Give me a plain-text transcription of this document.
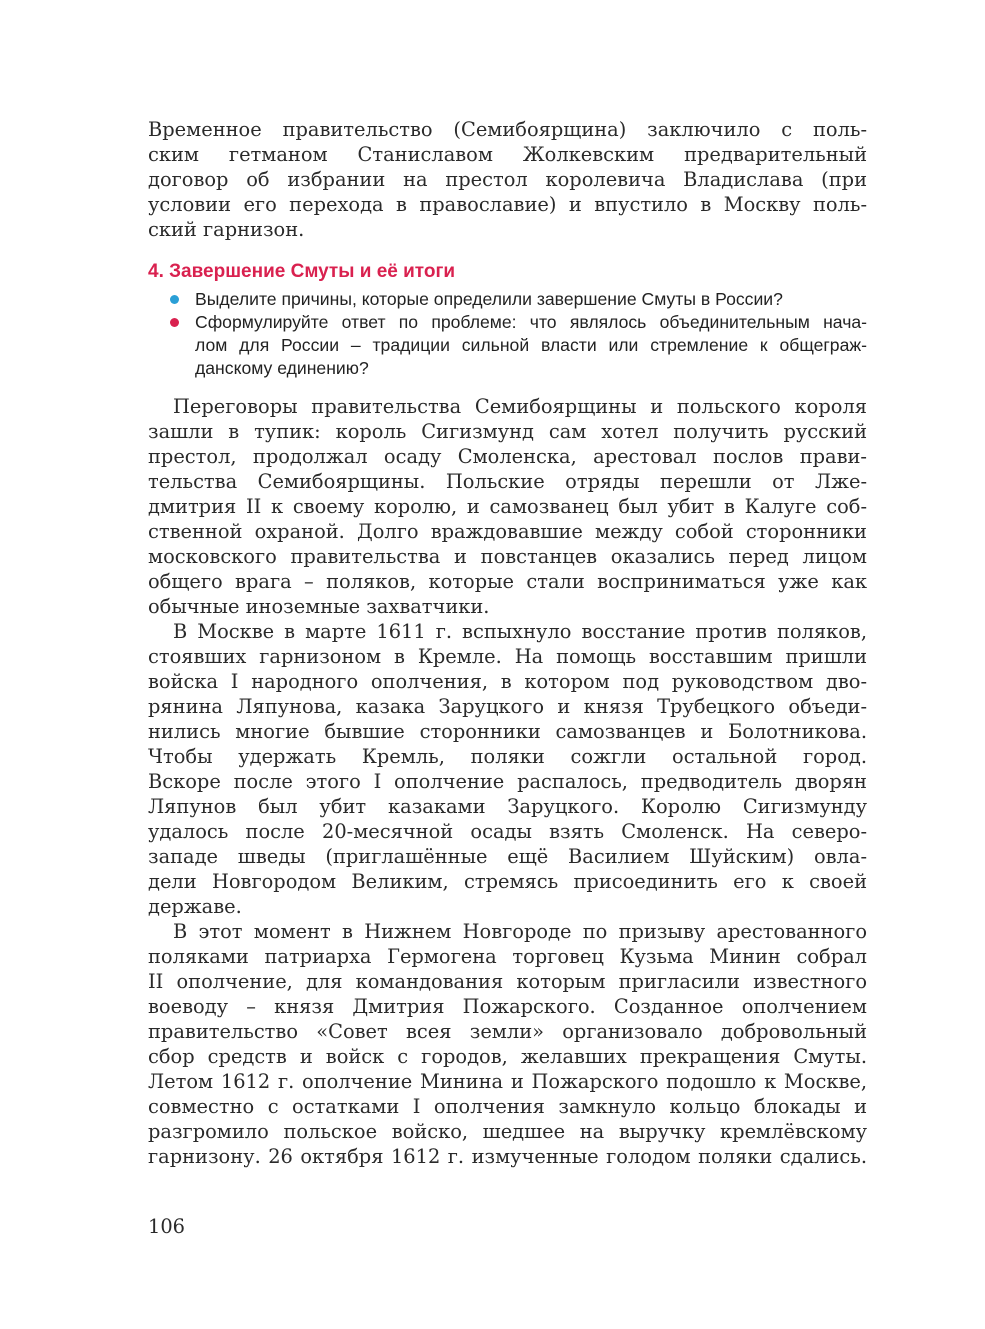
Временное правительство (Семибоярщина) заключило с поль-
ским гетманом Станиславом Жолкевским предварительный
договор об избрании на престол королевича Владислава (при
условии его перехода в православие) и впустило в Москву поль-
ский гарнизон.
4. Завершение Смуты и её итоги
Выделите причины, которые определили завершение Смуты в России?
Сформулируйте ответ по проблеме: что являлось объединительным нача-
лом для России – традиции сильной власти или стремление к общеграж-
данскому единению?
Переговоры правительства Семибоярщины и польского короля
зашли в тупик: король Сигизмунд сам хотел получить русский
престол, продолжал осаду Смоленска, арестовал послов прави-
тельства Семибоярщины. Польские отряды перешли от Лже-
дмитрия II к своему королю, и самозванец был убит в Калуге соб-
ственной охраной. Долго враждовавшие между собой сторонники
московского правительства и повстанцев оказались перед лицом
общего врага – поляков, которые стали восприниматься уже как
обычные иноземные захватчики.
В Москве в марте 1611 г. вспыхнуло восстание против поляков,
стоявших гарнизоном в Кремле. На помощь восставшим пришли
войска I народного ополчения, в котором под руководством дво-
рянина Ляпунова, казака Заруцкого и князя Трубецкого объеди-
нились многие бывшие сторонники самозванцев и Болотникова.
Чтобы удержать Кремль, поляки сожгли остальной город.
Вскоре после этого I ополчение распалось, предводитель дворян
Ляпунов был убит казаками Заруцкого. Королю Сигизмунду
удалось после 20-месячной осады взять Смоленск. На северо-
западе шведы (приглашённые ещё Василием Шуйским) овла-
дели Новгородом Великим, стремясь присоединить его к своей
державе.
В этот момент в Нижнем Новгороде по призыву арестованного
поляками патриарха Гермогена торговец Кузьма Минин собрал
II ополчение, для командования которым пригласили известного
воеводу – князя Дмитрия Пожарского. Созданное ополчением
правительство «Совет всея земли» организовало добровольный
сбор средств и войск с городов, желавших прекращения Смуты.
Летом 1612 г. ополчение Минина и Пожарского подошло к Москве,
совместно с остатками I ополчения замкнуло кольцо блокады и
разгромило польское войско, шедшее на выручку кремлёвскому
гарнизону. 26 октября 1612 г. измученные голодом поляки сдались.

106
